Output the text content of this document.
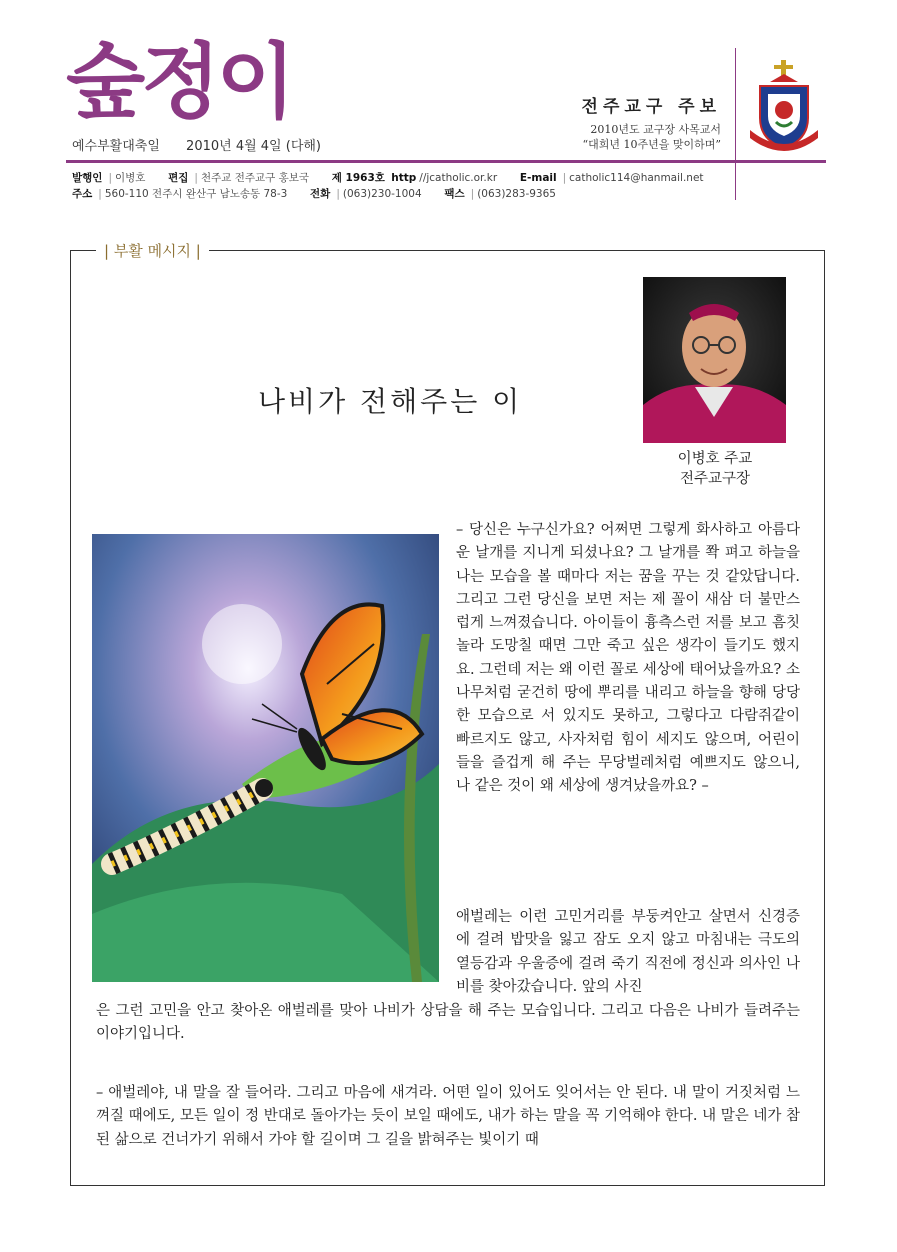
숲정이
예수부활대축일 2010년 4월 4일 (다해)
전주교구 주보
2010년도 교구장 사목교서
“대희년 10주년을 맞이하며”
발행인 | 이병호 편집 | 천주교 전주교구 홍보국 제 1963호 http //jcatholic.or.kr E-mail | catholic114@hanmail.net
주소 | 560-110 전주시 완산구 남노송동 78-3 전화 | (063)230-1004 팩스 | (063)283-9365
| 부활 메시지 |
나비가 전해주는 이
이병호 주교
전주교구장
– 당신은 누구신가요? 어쩌면 그렇게 화사하고 아름다운 날개를 지니게 되셨나요? 그 날개를 쫙 펴고 하늘을 나는 모습을 볼 때마다 저는 꿈을 꾸는 것 같았답니다. 그리고 그런 당신을 보면 저는 제 꼴이 새삼 더 불만스럽게 느껴졌습니다. 아이들이 흉측스런 저를 보고 흠칫 놀라 도망칠 때면 그만 죽고 싶은 생각이 들기도 했지요. 그런데 저는 왜 이런 꼴로 세상에 태어났을까요? 소나무처럼 굳건히 땅에 뿌리를 내리고 하늘을 향해 당당한 모습으로 서 있지도 못하고, 그렇다고 다람쥐같이 빠르지도 않고, 사자처럼 힘이 세지도 않으며, 어린이들을 즐겁게 해 주는 무당벌레처럼 예쁘지도 않으니, 나 같은 것이 왜 세상에 생겨났을까요? –
애벌레는 이런 고민거리를 부둥켜안고 살면서 신경증에 걸려 밥맛을 잃고 잠도 오지 않고 마침내는 극도의 열등감과 우울증에 걸려 죽기 직전에 정신과 의사인 나비를 찾아갔습니다. 앞의 사진
은 그런 고민을 안고 찾아온 애벌레를 맞아 나비가 상담을 해 주는 모습입니다. 그리고 다음은 나비가 들려주는 이야기입니다.
– 애벌레야, 내 말을 잘 들어라. 그리고 마음에 새겨라. 어떤 일이 있어도 잊어서는 안 된다. 내 말이 거짓처럼 느껴질 때에도, 모든 일이 정 반대로 돌아가는 듯이 보일 때에도, 내가 하는 말을 꼭 기억해야 한다. 내 말은 네가 참된 삶으로 건너가기 위해서 가야 할 길이며 그 길을 밝혀주는 빛이기 때
